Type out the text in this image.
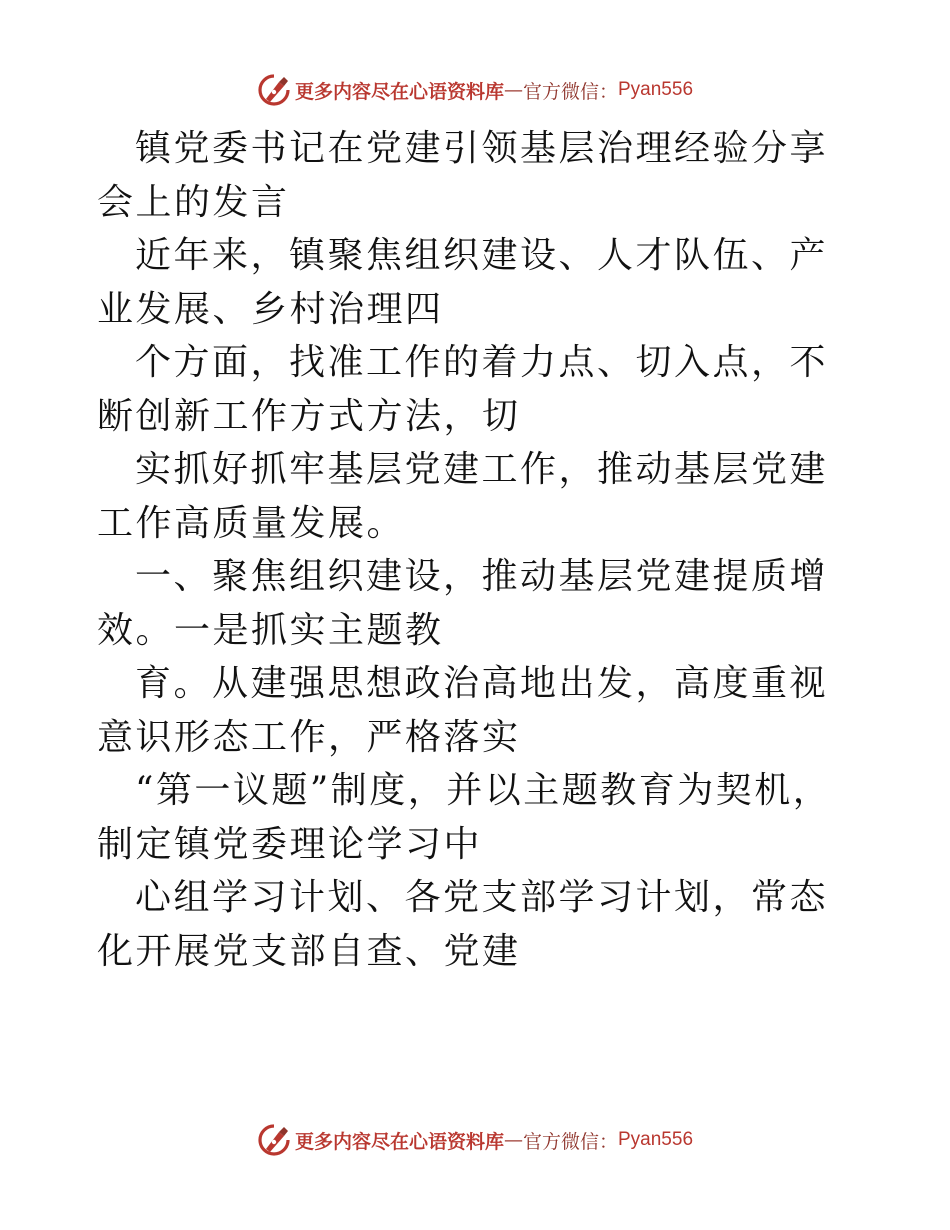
更多内容尽在心语资料库 — 官方微信： Pyan556

镇党委书记在党建引领基层治理经验分享会上的发言

近年来，镇聚焦组织建设、人才队伍、产业发展、乡村治理四

个方面，找准工作的着力点、切入点，不断创新工作方式方法，切

实抓好抓牢基层党建工作，推动基层党建工作高质量发展。

一、聚焦组织建设，推动基层党建提质增效。一是抓实主题教

育。从建强思想政治高地出发，高度重视意识形态工作，严格落实

“第一议题”制度，并以主题教育为契机，制定镇党委理论学习中

心组学习计划、各党支部学习计划，常态化开展党支部自查、党建

更多内容尽在心语资料库 — 官方微信： Pyan556
